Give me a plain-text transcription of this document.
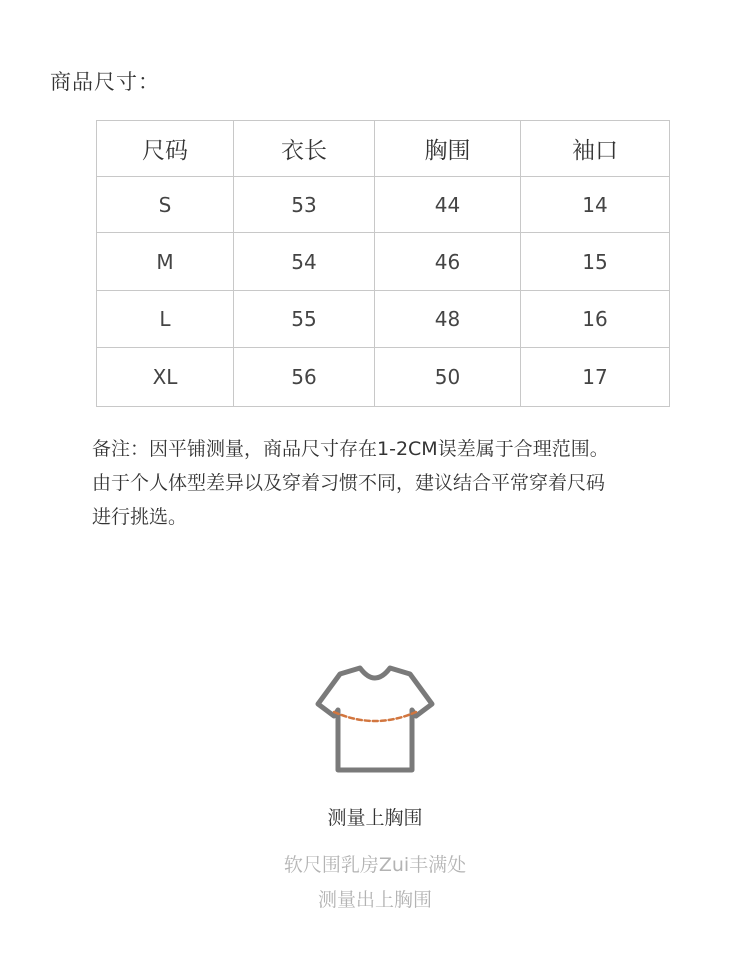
商品尺寸：
尺码	衣长	胸围	袖口
S	53	44	14
M	54	46	15
L	55	48	16
XL	56	50	17
备注：因平铺测量，商品尺寸存在1-2CM误差属于合理范围。
由于个人体型差异以及穿着习惯不同，建议结合平常穿着尺码
进行挑选。
测量上胸围
软尺围乳房Zui丰满处
测量出上胸围
